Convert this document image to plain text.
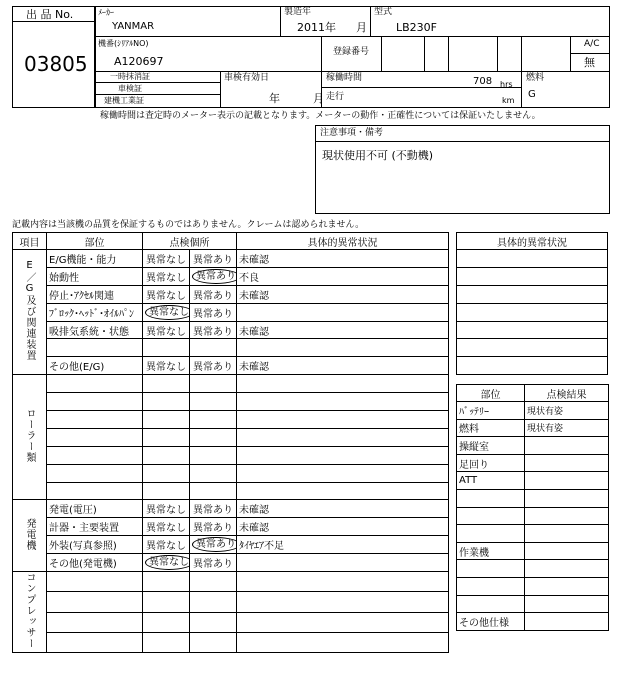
出 品 No.
03805
ﾒｰｶｰ
YANMAR
製造年
2011 年 月
型式
LB230F
機番(ｼﾘｱﾙNO)
A120697
登録番号
A/C
無
一時抹消証
車検証
建機工業証
車検有効日
年	月
稼働時間	708 hrs
走行	km
燃料
G
稼働時間は査定時のメーター表示の記載となります。メーターの動作・正確性については保証いたしません。
注意事項・備考
現状使用不可 (不動機)
記載内容は当該機の品質を保証するものではありません。クレームは認められません。
項目	部位	点検個所		具体的異常状況
E／G及び関連装置	E/G機能・能力	異常なし	異常あり	未確認
	始動性	異常なし	異常あり	不良
	停止･ｱｸｾﾙ関連	異常なし	異常あり	未確認
	ﾌﾞﾛｯｸ･ﾍｯﾄﾞ･ｵｲﾙﾊﾟﾝ	異常なし	異常あり	
	吸排気系統・状態	異常なし	異常あり	未確認

	その他(E/G)	異常なし	異常あり	未確認
ローラー類				

発電機	発電(電圧)	異常なし	異常あり	未確認
	計器・主要装置	異常なし	異常あり	未確認
	外装(写真参照)	異常なし	異常あり	ﾀｲﾔｴｱ不足
	その他(発電機)	異常なし	異常あり	
コンプレッサー				

具体的異常状況

部位	点検結果
ﾊﾞｯﾃﾘｰ	現状有姿
燃料	現状有姿
操縦室	
足回り	
ATT	

作業機	

その他仕様	
